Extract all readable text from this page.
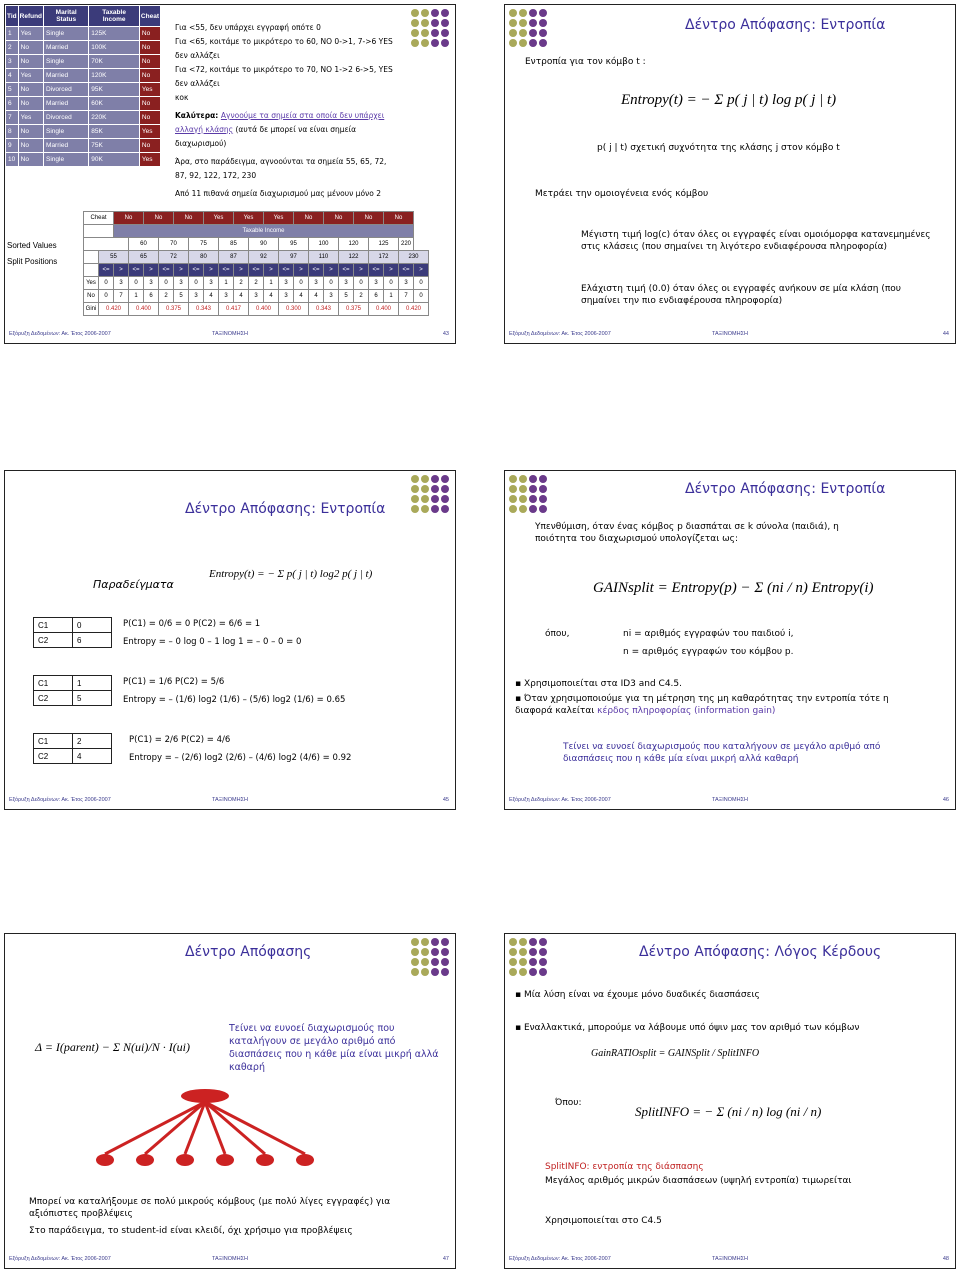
Tid	Refund	Marital Status	Taxable Income	Cheat
1	Yes	Single	125K	No
2	No	Married	100K	No
3	No	Single	70K	No
4	Yes	Married	120K	No
5	No	Divorced	95K	Yes
6	No	Married	60K	No
7	Yes	Divorced	220K	No
8	No	Single	85K	Yes
9	No	Married	75K	No
10	No	Single	90K	Yes
Για <55, δεν υπάρχει εγγραφή οπότε 0
Για <65, κοιτάμε το μικρότερο το 60, ΝΟ 0->1, 7->6 YES δεν αλλάζει
Για <72, κοιτάμε το μικρότερο το 70, ΝΟ 1->2 6->5, YES δεν αλλάζει
κοκ
Καλύτερα: Αγνοούμε τα σημεία στα οποία δεν υπάρχει αλλαγή κλάσης (αυτά δε μπορεί να είναι σημεία διαχωρισμού)
Άρα, στο παράδειγμα, αγνοούνται τα σημεία 55, 65, 72, 87, 92, 122, 172, 230
Από 11 πιθανά σημεία διαχωρισμού μας μένουν μόνο 2
Sorted Values
Split Positions
Cheat		No		No		No		Yes		Yes		Yes		No		No		No		No		
		Taxable Income																				
			60		70		75		85		90		95		100		120		125		220	
	55		65		72		80		87		92		97		110		122		172		230	
	<=	>	<=	>	<=	>	<=	>	<=	>	<=	>	<=	>	<=	>	<=	>	<=	>	<=	>
Yes	0	3	0	3	0	3	0	3	1	2	2	1	3	0	3	0	3	0	3	0	3	0
No	0	7	1	6	2	5	3	4	3	4	3	4	3	4	4	3	5	2	6	1	7	0
Gini	0.420		0.400		0.375		0.343		0.417		0.400		0.300		0.343		0.375		0.400		0.420	
Εξόρυξη Δεδομένων: Ακ. Έτος 2006-2007	ΤΑΞΙΝΟΜΗΣΗ	43
Δέντρο Απόφασης: Εντροπία
Εντροπία για τον κόμβο t :
Entropy(t) = − Σ p( j | t) log p( j | t)
p( j | t) σχετική συχνότητα της κλάσης j στον κόμβο t
Μετράει την ομοιογένεια ενός κόμβου
Μέγιστη τιμή log(c) όταν όλες οι εγγραφές είναι ομοιόμορφα κατανεμημένες στις κλάσεις (που σημαίνει τη λιγότερο ενδιαφέρουσα πληροφορία)
Ελάχιστη τιμή (0.0) όταν όλες οι εγγραφές ανήκουν σε μία κλάση (που σημαίνει την πιο ενδιαφέρουσα πληροφορία)
Εξόρυξη Δεδομένων: Ακ. Έτος 2006-2007	ΤΑΞΙΝΟΜΗΣΗ	44
Δέντρο Απόφασης: Εντροπία
Παραδείγματα
Entropy(t) = − Σ p( j | t) log2 p( j | t)
C1	0
C2	6
P(C1) = 0/6 = 0 P(C2) = 6/6 = 1
Entropy = – 0 log 0 – 1 log 1 = – 0 – 0 = 0
C1	1
C2	5
P(C1) = 1/6 P(C2) = 5/6
Entropy = – (1/6) log2 (1/6) – (5/6) log2 (1/6) = 0.65
C1	2
C2	4
P(C1) = 2/6 P(C2) = 4/6
Entropy = – (2/6) log2 (2/6) – (4/6) log2 (4/6) = 0.92
Εξόρυξη Δεδομένων: Ακ. Έτος 2006-2007	ΤΑΞΙΝΟΜΗΣΗ	45
Δέντρο Απόφασης: Εντροπία
Υπενθύμιση, όταν ένας κόμβος p διασπάται σε k σύνολα (παιδιά), η ποιότητα του διαχωρισμού υπολογίζεται ως:
GAINsplit = Entropy(p) − Σ (ni / n) Entropy(i)
όπου,	ni = αριθμός εγγραφών του παιδιού i,
n = αριθμός εγγραφών του κόμβου p.
▪ Χρησιμοποιείται στα ID3 and C4.5.
▪ Όταν χρησιμοποιούμε για τη μέτρηση της μη καθαρότητας την εντροπία τότε η διαφορά καλείται κέρδος πληροφορίας (information gain)
Τείνει να ευνοεί διαχωρισμούς που καταλήγουν σε μεγάλο αριθμό από διασπάσεις που η κάθε μία είναι μικρή αλλά καθαρή
Εξόρυξη Δεδομένων: Ακ. Έτος 2006-2007	ΤΑΞΙΝΟΜΗΣΗ	46
Δέντρο Απόφασης
Δ = I(parent) − Σ N(ui)/N · I(ui)
Τείνει να ευνοεί διαχωρισμούς που καταλήγουν σε μεγάλο αριθμό από διασπάσεις που η κάθε μία είναι μικρή αλλά καθαρή
Μπορεί να καταλήξουμε σε πολύ μικρούς κόμβους (με πολύ λίγες εγγραφές) για αξιόπιστες προβλέψεις
Στο παράδειγμα, το student-id είναι κλειδί, όχι χρήσιμο για προβλέψεις
Εξόρυξη Δεδομένων: Ακ. Έτος 2006-2007	ΤΑΞΙΝΟΜΗΣΗ	47
Δέντρο Απόφασης: Λόγος Κέρδους
▪ Μία λύση είναι να έχουμε μόνο δυαδικές διασπάσεις
▪ Εναλλακτικά, μπορούμε να λάβουμε υπό όψιν μας τον αριθμό των κόμβων
GainRATIOsplit = GAINSplit / SplitINFO
Όπου:
SplitINFO = − Σ (ni / n) log (ni / n)
SplitINFO: εντροπία της διάσπασης
Μεγάλος αριθμός μικρών διασπάσεων (υψηλή εντροπία) τιμωρείται
Χρησιμοποιείται στο C4.5
Εξόρυξη Δεδομένων: Ακ. Έτος 2006-2007	ΤΑΞΙΝΟΜΗΣΗ	48
